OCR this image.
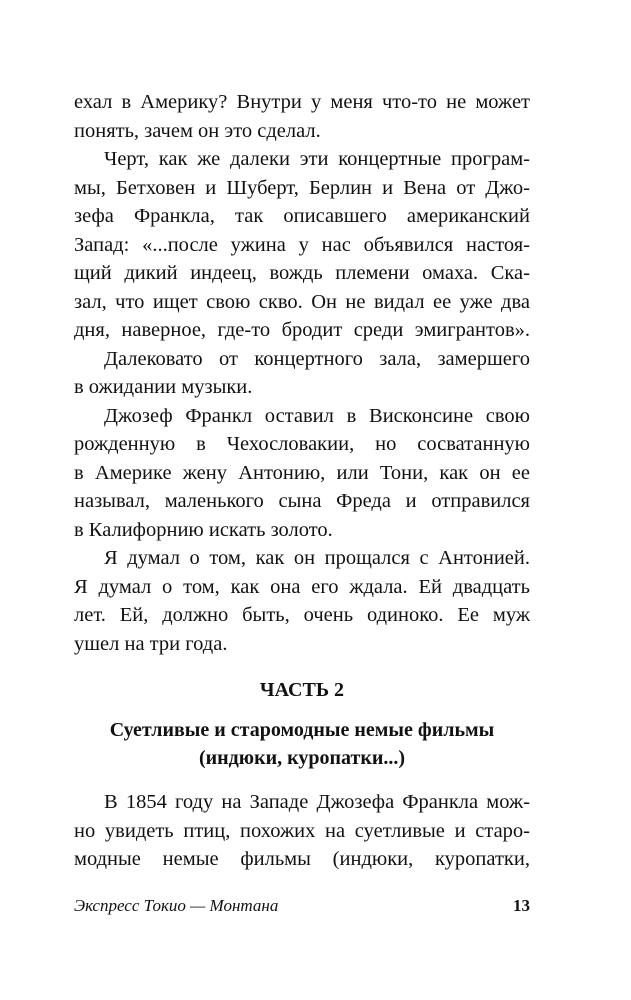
ехал в Америку? Внутри у меня что-то не может
понять, зачем он это сделал.
Черт, как же далеки эти концертные програм-
мы, Бетховен и Шуберт, Берлин и Вена от Джо-
зефа Франкла, так описавшего американский
Запад: «...после ужина у нас объявился настоя-
щий дикий индеец, вождь племени омаха. Ска-
зал, что ищет свою скво. Он не видал ее уже два
дня, наверное, где-то бродит среди эмигрантов».
Далековато от концертного зала, замершего
в ожидании музыки.
Джозеф Франкл оставил в Висконсине свою
рожденную в Чехословакии, но сосватанную
в Америке жену Антонию, или Тони, как он ее
называл, маленького сына Фреда и отправился
в Калифорнию искать золото.
Я думал о том, как он прощался с Антонией.
Я думал о том, как она его ждала. Ей двадцать
лет. Ей, должно быть, очень одиноко. Ее муж
ушел на три года.
ЧАСТЬ 2
Суетливые и старомодные немые фильмы
(индюки, куропатки...)
В 1854 году на Западе Джозефа Франкла мож-
но увидеть птиц, похожих на суетливые и старо-
модные немые фильмы (индюки, куропатки,
Экспресс Токио — Монтана	13
